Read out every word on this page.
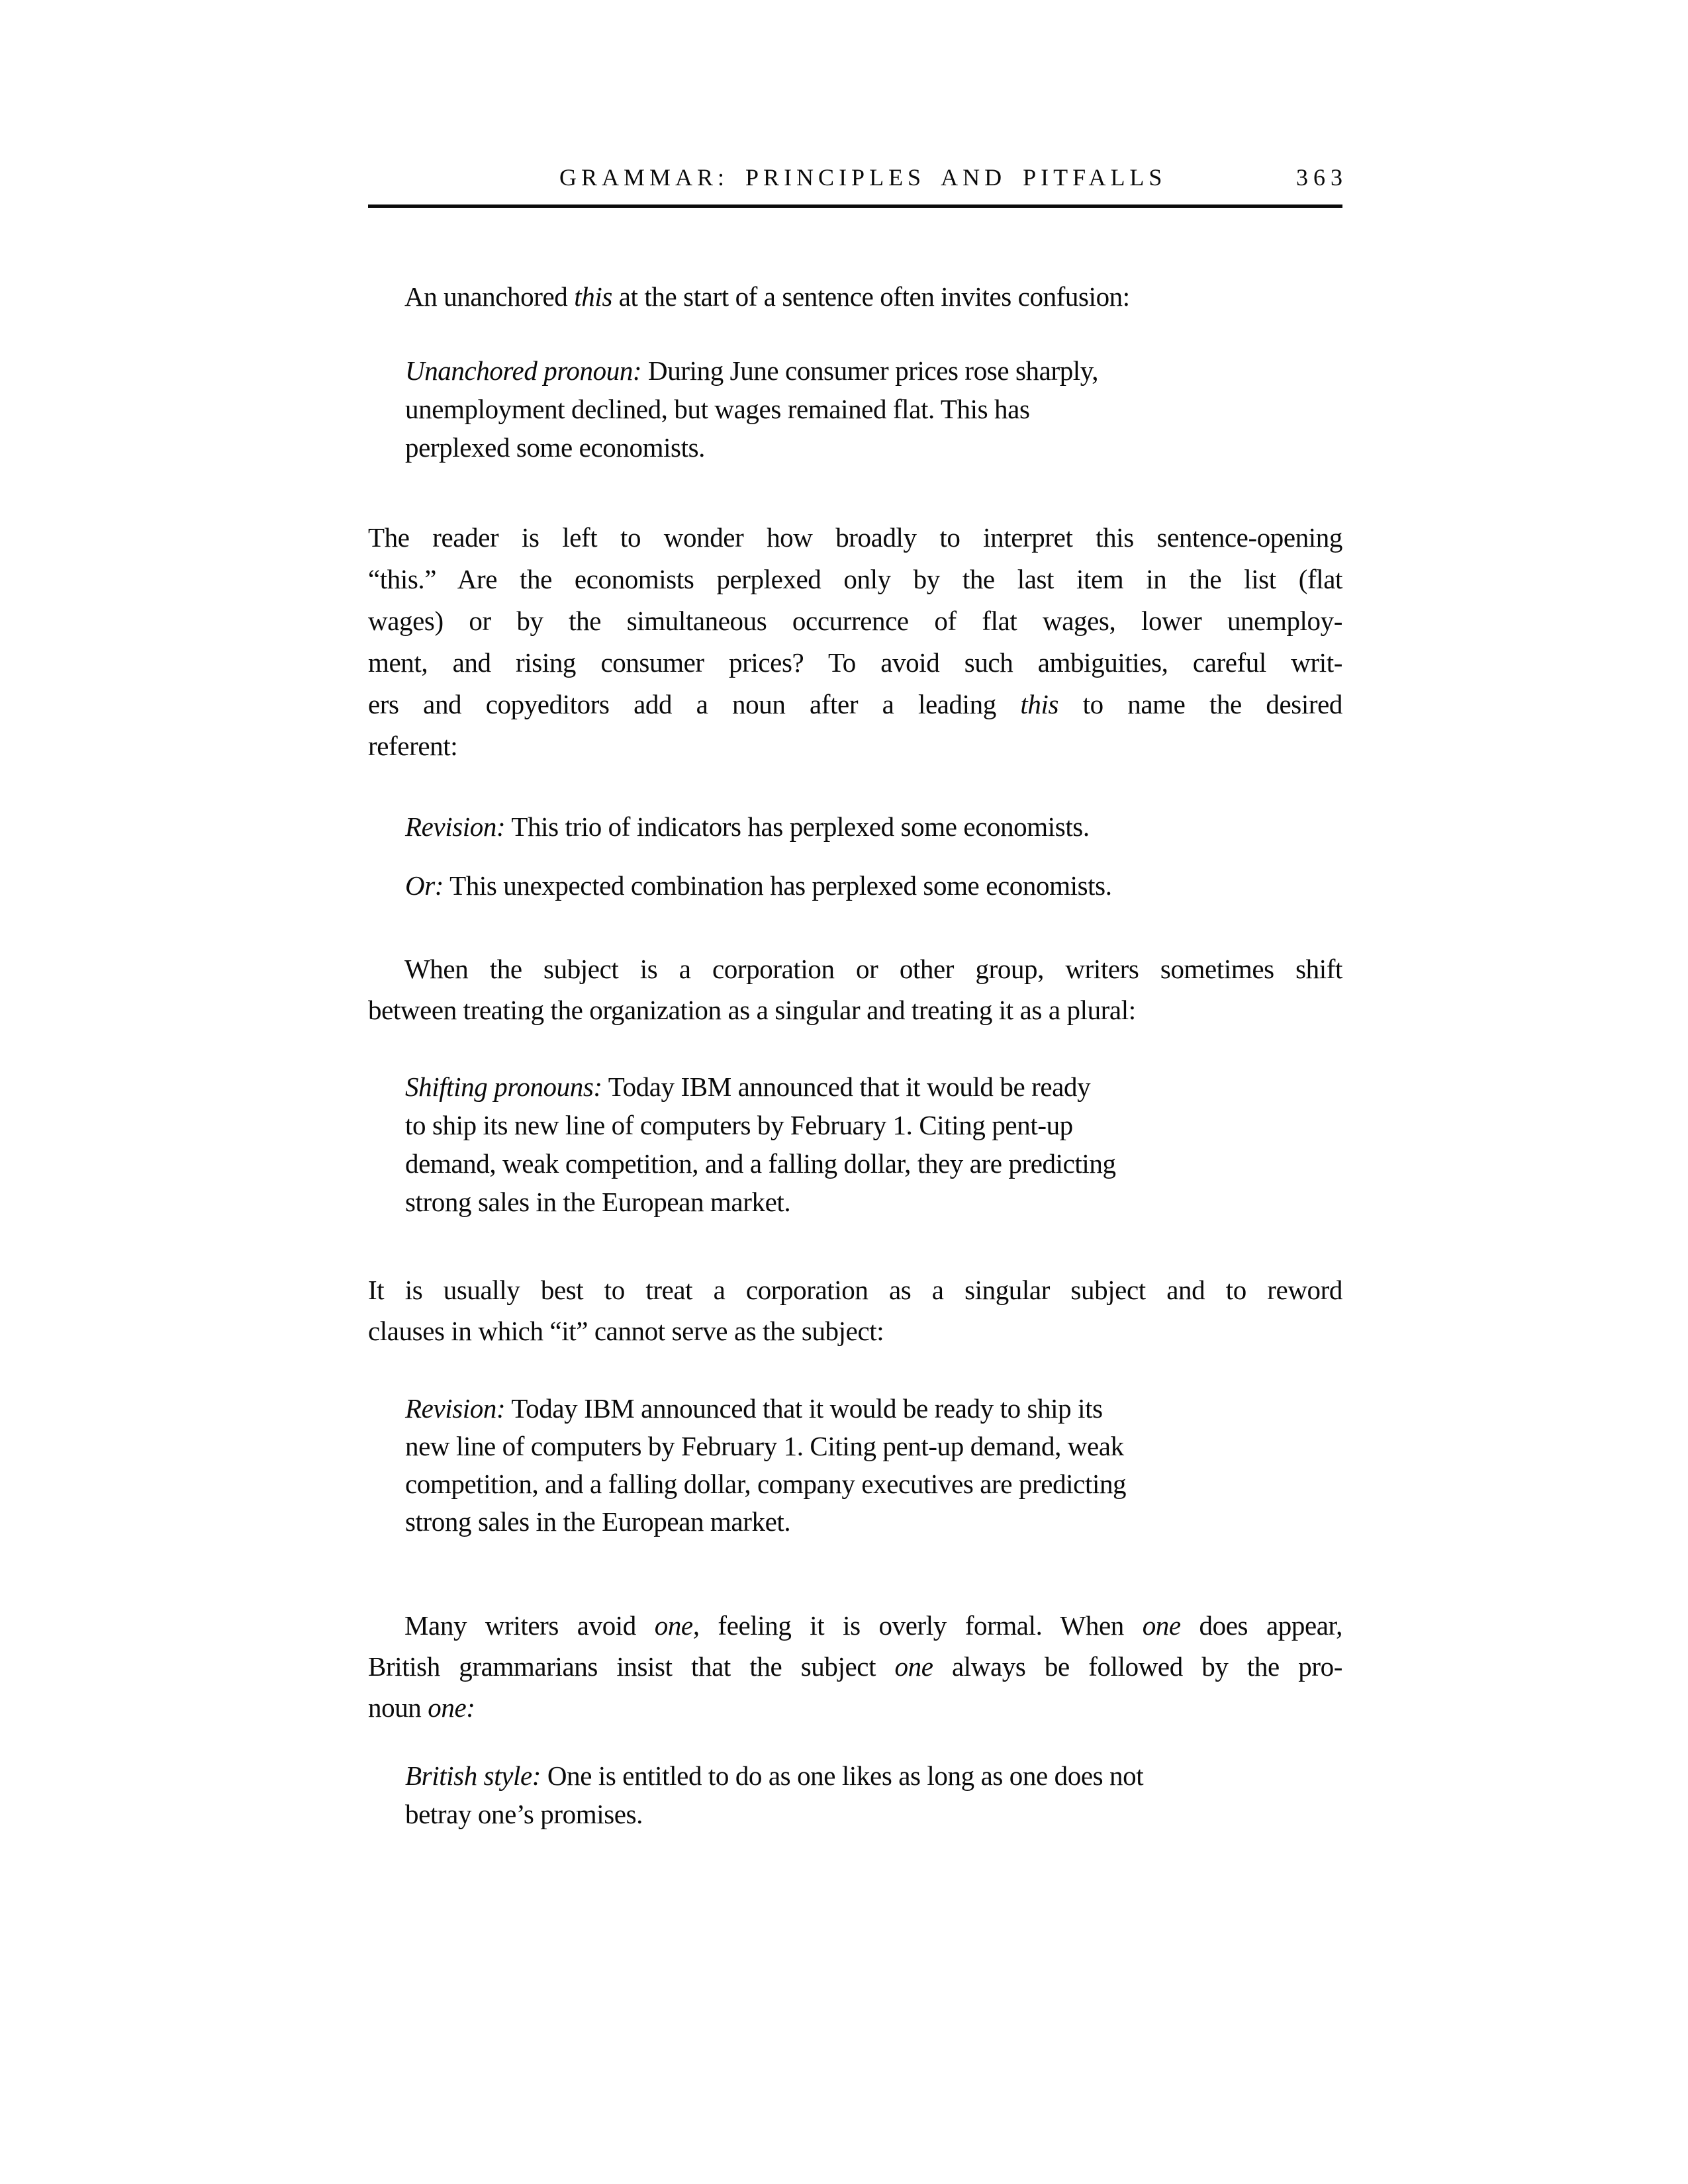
GRAMMAR: PRINCIPLES AND PITFALLS	363
An unanchored this at the start of a sentence often invites confusion:
Unanchored pronoun: During June consumer prices rose sharply,
unemployment declined, but wages remained flat. This has
perplexed some economists.
The reader is left to wonder how broadly to interpret this sentence-opening
“this.” Are the economists perplexed only by the last item in the list (flat
wages) or by the simultaneous occurrence of flat wages, lower unemploy-
ment, and rising consumer prices? To avoid such ambiguities, careful writ-
ers and copyeditors add a noun after a leading this to name the desired
referent:
Revision: This trio of indicators has perplexed some economists.
Or: This unexpected combination has perplexed some economists.
When the subject is a corporation or other group, writers sometimes shift
between treating the organization as a singular and treating it as a plural:
Shifting pronouns: Today IBM announced that it would be ready
to ship its new line of computers by February 1. Citing pent-up
demand, weak competition, and a falling dollar, they are predicting
strong sales in the European market.
It is usually best to treat a corporation as a singular subject and to reword
clauses in which “it” cannot serve as the subject:
Revision: Today IBM announced that it would be ready to ship its
new line of computers by February 1. Citing pent-up demand, weak
competition, and a falling dollar, company executives are predicting
strong sales in the European market.
Many writers avoid one, feeling it is overly formal. When one does appear,
British grammarians insist that the subject one always be followed by the pro-
noun one:
British style: One is entitled to do as one likes as long as one does not
betray one’s promises.
